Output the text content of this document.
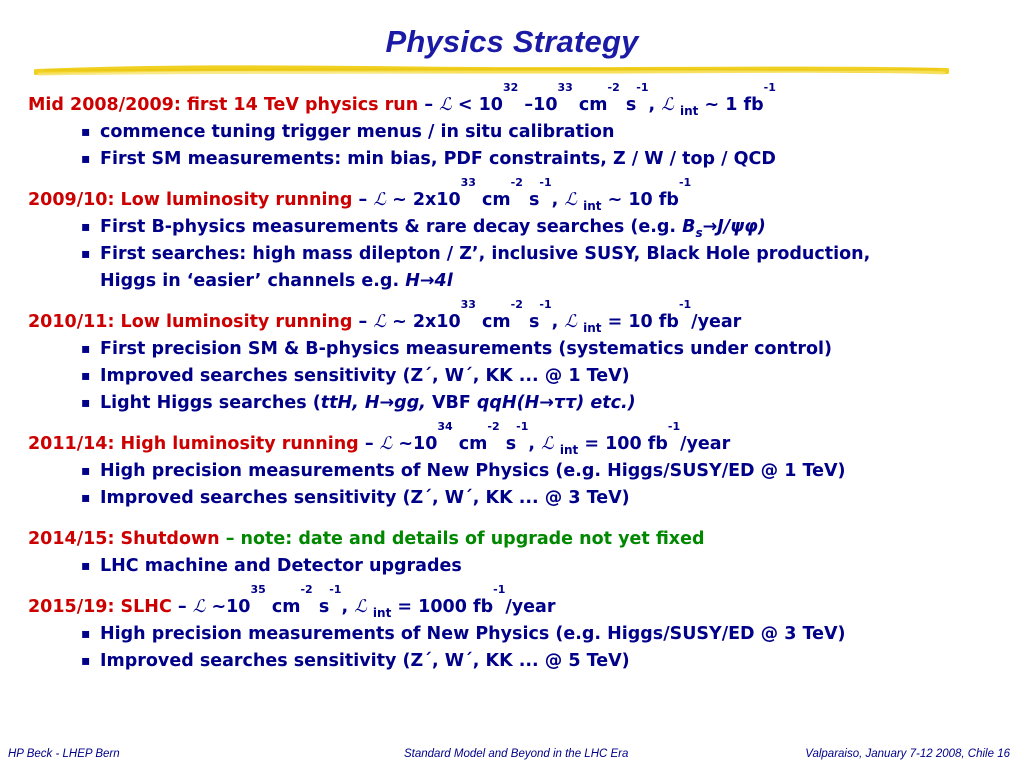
Physics Strategy
Mid 2008/2009: first 14 TeV physics run – ℒ < $10^{32}$ $-10^{33}$ $cm^{-2}$ $s^{-1}$, ℒ $_{int}$ ~ 1 $fb^{-1}$
▪ commence tuning trigger menus / in situ calibration
▪ First SM measurements: min bias, PDF constraints, Z / W / top / QCD
2009/10: Low luminosity running – ℒ ~ $2x10^{33}$ $cm^{-2}$ $s^{-1}$, ℒ $_{int}$ ~ 10 $fb^{-1}$
▪ First B-physics measurements & rare decay searches (e.g. $B_s\to J/\psi\varphi$)
▪ First searches: high mass dilepton / Z’, inclusive SUSY, Black Hole production,
Higgs in ‘easier’ channels e.g. H→4l
2010/11: Low luminosity running – ℒ ~ $2x10^{33}$ $cm^{-2}$ $s^{-1}$, ℒ $_{int}$ = 10 $fb^{-1}$/year
▪ First precision SM & B-physics measurements (systematics under control)
▪ Improved searches sensitivity (Z´, W´, KK ... @ 1 TeV)
▪ Light Higgs searches (ttH, H→gg, VBF qqH(H→ττ) etc.)
2011/14: High luminosity running – ℒ $\sim 10^{34}$ $cm^{-2}$ $s^{-1}$, ℒ $_{int}$ = 100 $fb^{-1}$/year
▪ High precision measurements of New Physics (e.g. Higgs/SUSY/ED @ 1 TeV)
▪ Improved searches sensitivity (Z´, W´, KK ... @ 3 TeV)
2014/15: Shutdown – note: date and details of upgrade not yet fixed
▪ LHC machine and Detector upgrades
2015/19: SLHC – ℒ $\sim 10^{35}$ $cm^{-2}$ $s^{-1}$, ℒ $_{int}$ = 1000 $fb^{-1}$/year
▪ High precision measurements of New Physics (e.g. Higgs/SUSY/ED @ 3 TeV)
▪ Improved searches sensitivity (Z´, W´, KK ... @ 5 TeV)
HP Beck - LHEP Bern	Standard Model and Beyond in the LHC Era	Valparaiso, January 7-12 2008, Chile 16
